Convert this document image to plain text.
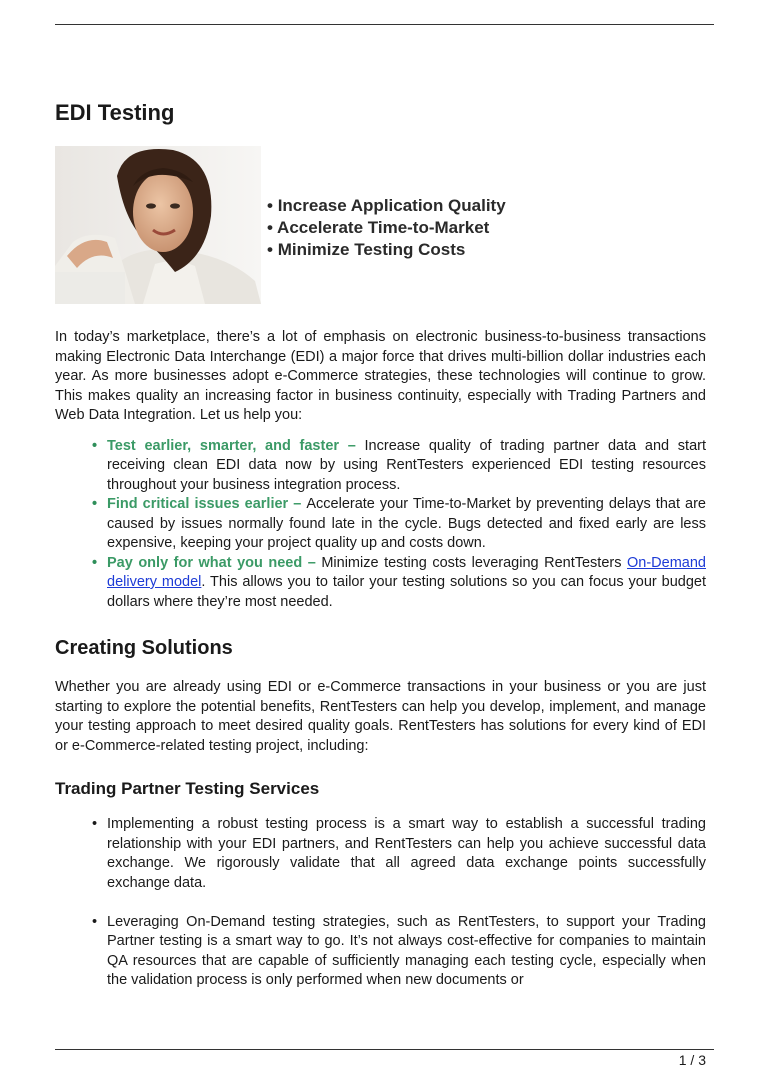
EDI Testing
• Increase Application Quality
• Accelerate Time-to-Market
• Minimize Testing Costs

In today’s marketplace, there’s a lot of emphasis on electronic business-to-business transactions making Electronic Data Interchange (EDI) a major force that drives multi-billion dollar industries each year. As more businesses adopt e-Commerce strategies, these technologies will continue to grow. This makes quality an increasing factor in business continuity, especially with Trading Partners and Web Data Integration. Let us help you:

• Test earlier, smarter, and faster – Increase quality of trading partner data and start receiving clean EDI data now by using RentTesters experienced EDI testing resources throughout your business integration process.
• Find critical issues earlier – Accelerate your Time-to-Market by preventing delays that are caused by issues normally found late in the cycle. Bugs detected and fixed early are less expensive, keeping your project quality up and costs down.
• Pay only for what you need – Minimize testing costs leveraging RentTesters On-Demand delivery model. This allows you to tailor your testing solutions so you can focus your budget dollars where they’re most needed.
Creating Solutions

Whether you are already using EDI or e-Commerce transactions in your business or you are just starting to explore the potential benefits, RentTesters can help you develop, implement, and manage your testing approach to meet desired quality goals. RentTesters has solutions for every kind of EDI or e-Commerce-related testing project, including:

Trading Partner Testing Services
• Implementing a robust testing process is a smart way to establish a successful trading relationship with your EDI partners, and RentTesters can help you achieve successful data exchange. We rigorously validate that all agreed data exchange points successfully exchange data.
• Leveraging On-Demand testing strategies, such as RentTesters, to support your Trading Partner testing is a smart way to go. It’s not always cost-effective for companies to maintain QA resources that are capable of sufficiently managing each testing cycle, especially when the validation process is only performed when new documents or
1 / 3
